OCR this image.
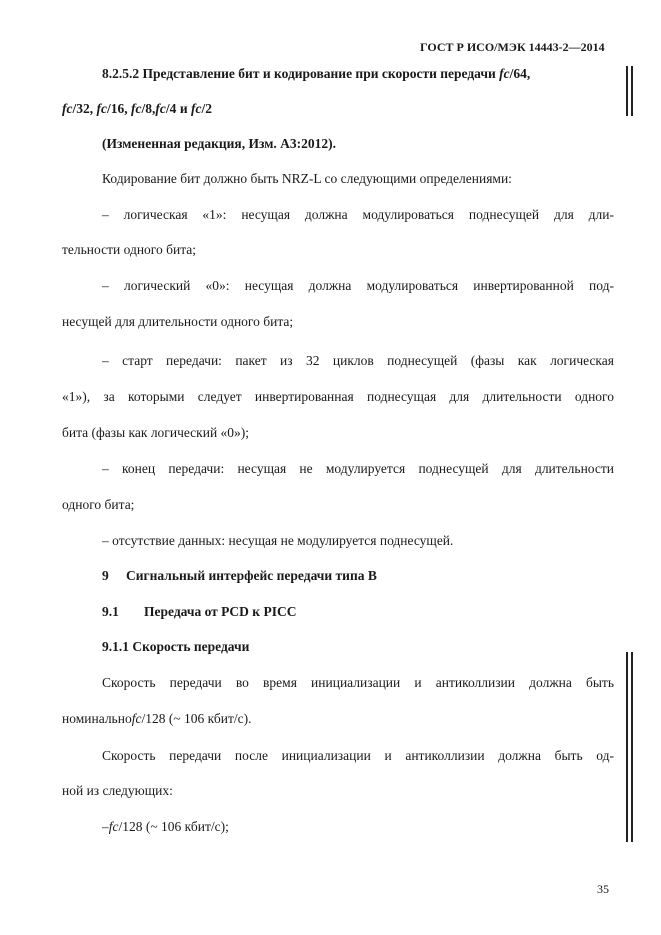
ГОСТ Р ИСО/МЭК 14443-2—2014
8.2.5.2 Представление бит и кодирование при скорости передачи fc/64,
fc/32, fc/16, fc/8,fc/4 и fc/2
(Измененная редакция, Изм. А3:2012).
Кодирование бит должно быть NRZ-L со следующими определениями:
– логическая «1»: несущая должна модулироваться поднесущей для дли-
тельности одного бита;
– логический «0»: несущая должна модулироваться инвертированной под-
несущей для длительности одного бита;
– старт передачи: пакет из 32 циклов поднесущей (фазы как логическая
«1»), за которыми следует инвертированная поднесущая для длительности одного
бита (фазы как логический «0»);
– конец передачи: несущая не модулируется поднесущей для длительности
одного бита;
– отсутствие данных: несущая не модулируется поднесущей.
9 Сигнальный интерфейс передачи типа В
9.1 Передача от PCD к PICC
9.1.1 Скорость передачи
Скорость передачи во время инициализации и антиколлизии должна быть
номинальноfc/128 (~ 106 кбит/с).
Скорость передачи после инициализации и антиколлизии должна быть од-
ной из следующих:
–fc/128 (~ 106 кбит/с);
35
